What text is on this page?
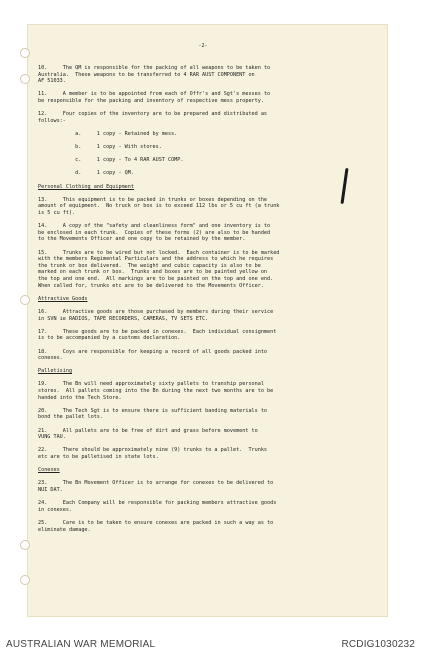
-2-

10.     The QM is responsible for the packing of all weapons to be taken to
Australia.  These weapons to be transferred to 4 RAR AUST COMPONENT on
AF 51033.
11.     A member is to be appointed from each of Offr's and Sgt's messes to
be responsible for the packing and inventory of respective mess property.
12.     Four copies of the inventory are to be prepared and distributed as
follows:-
a.     1 copy - Retained by mess.
b.     1 copy - With stores.
c.     1 copy - To 4 RAR AUST COMP.
d.     1 copy - QM.
Personal Clothing and Equipment
13.     This equipment is to be packed in trunks or boxes depending on the
amount of equipment.  No truck or box is to exceed 112 lbs or 5 cu ft (a trunk
is 5 cu ft).
14.     A copy of the "safety and cleanliness form" and one inventory is to
be enclosed in each trunk.  Copies of these forms (2) are also to be handed
to the Movements Officer and one copy to be retained by the member.
15.     Trunks are to be wired but not locked.  Each container is to be marked
with the members Regimental Particulars and the address to which he requires
the trunk or box delivered.  The weight and cubic capacity is also to be
marked on each trunk or box.  Trunks and boxes are to be painted yellow on
the top and one end.  All markings are to be painted on the top and one end.
When called for, trunks etc are to be delivered to the Movements Officer.
Attractive Goods
16.     Attractive goods are those purchased by members during their service
in SVN ie RADIOS, TAPE RECORDERS, CAMERAS, TV SETS ETC.
17.     These goods are to be packed in conexes.  Each individual consignment
is to be accompanied by a customs declaration.
18.     Coys are responsible for keeping a record of all goods packed into
conexes.
Palletising
19.     The Bn will need approximately sixty pallets to tranship personal
stores.  All pallets coming into the Bn during the next two months are to be
handed into the Tech Store.
20.     The Tech Sgt is to ensure there is sufficient banding materials to
bond the pallet lots.
21.     All pallets are to be free of dirt and grass before movement to
VUNG TAU.
22.     There should be approximately nine (9) trunks to a pallet.  Trunks
etc are to be palletised in state lots.
Conexes
23.     The Bn Movement Officer is to arrange for conexes to be delivered to
NUI DAT.
24.     Each Company will be responsible for packing members attractive goods
in conexes.
25.     Care is to be taken to ensure conexes are packed in such a way as to
eliminate damage.

AUSTRALIAN WAR MEMORIAL	RCDIG1030232
